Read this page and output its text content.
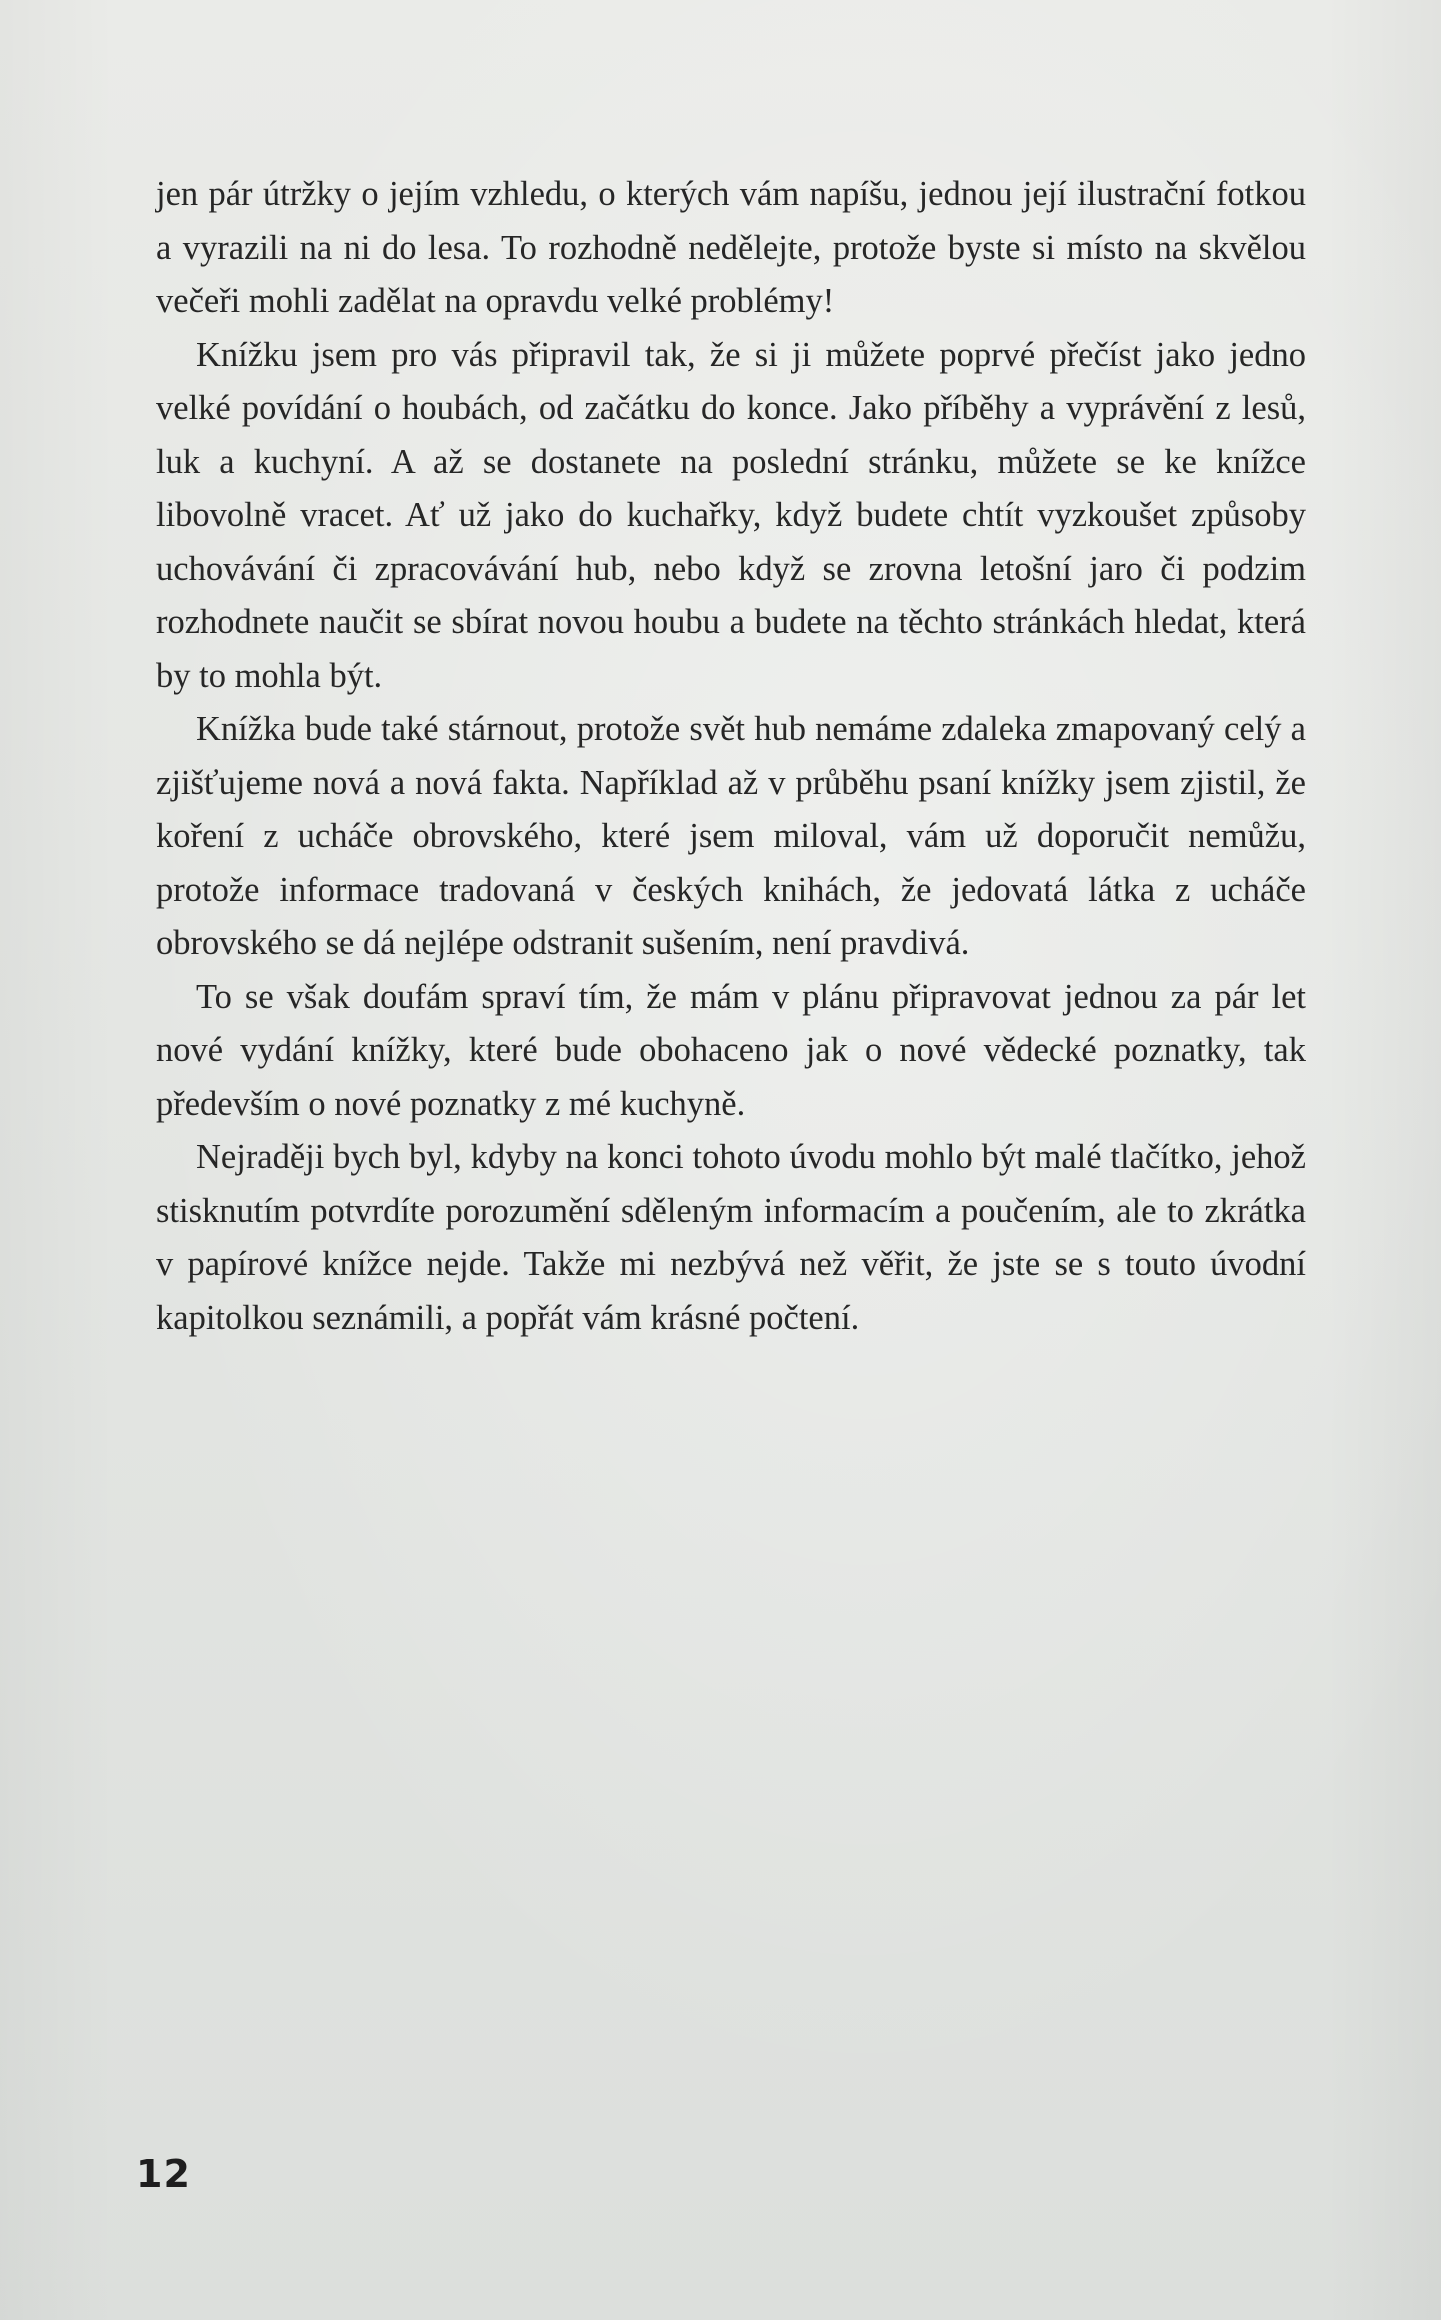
jen pár útržky o jejím vzhledu, o kterých vám napíšu, jednou její ilustrační fotkou a vyrazili na ni do lesa. To rozhodně nedělejte, protože byste si místo na skvělou večeři mohli zadělat na opravdu velké problémy!

Knížku jsem pro vás připravil tak, že si ji můžete poprvé přečíst jako jedno velké povídání o houbách, od začátku do konce. Jako příběhy a vyprávění z lesů, luk a kuchyní. A až se dostanete na poslední stránku, můžete se ke knížce libovolně vracet. Ať už jako do kuchařky, když budete chtít vyzkoušet způsoby uchovávání či zpracovávání hub, nebo když se zrovna letošní jaro či podzim rozhodnete naučit se sbírat novou houbu a budete na těchto stránkách hledat, která by to mohla být.

Knížka bude také stárnout, protože svět hub nemáme zdaleka zmapovaný celý a zjišťujeme nová a nová fakta. Například až v průběhu psaní knížky jsem zjistil, že koření z ucháče obrovského, které jsem miloval, vám už doporučit nemůžu, protože informace tradovaná v českých knihách, že jedovatá látka z ucháče obrovského se dá nejlépe odstranit sušením, není pravdivá.

To se však doufám spraví tím, že mám v plánu připravovat jednou za pár let nové vydání knížky, které bude obohaceno jak o nové vědecké poznatky, tak především o nové poznatky z mé kuchyně.

Nejraději bych byl, kdyby na konci tohoto úvodu mohlo být malé tlačítko, jehož stisknutím potvrdíte porozumění sděleným informacím a poučením, ale to zkrátka v papírové knížce nejde. Takže mi nezbývá než věřit, že jste se s touto úvodní kapitolkou seznámili, a popřát vám krásné počtení.

12
